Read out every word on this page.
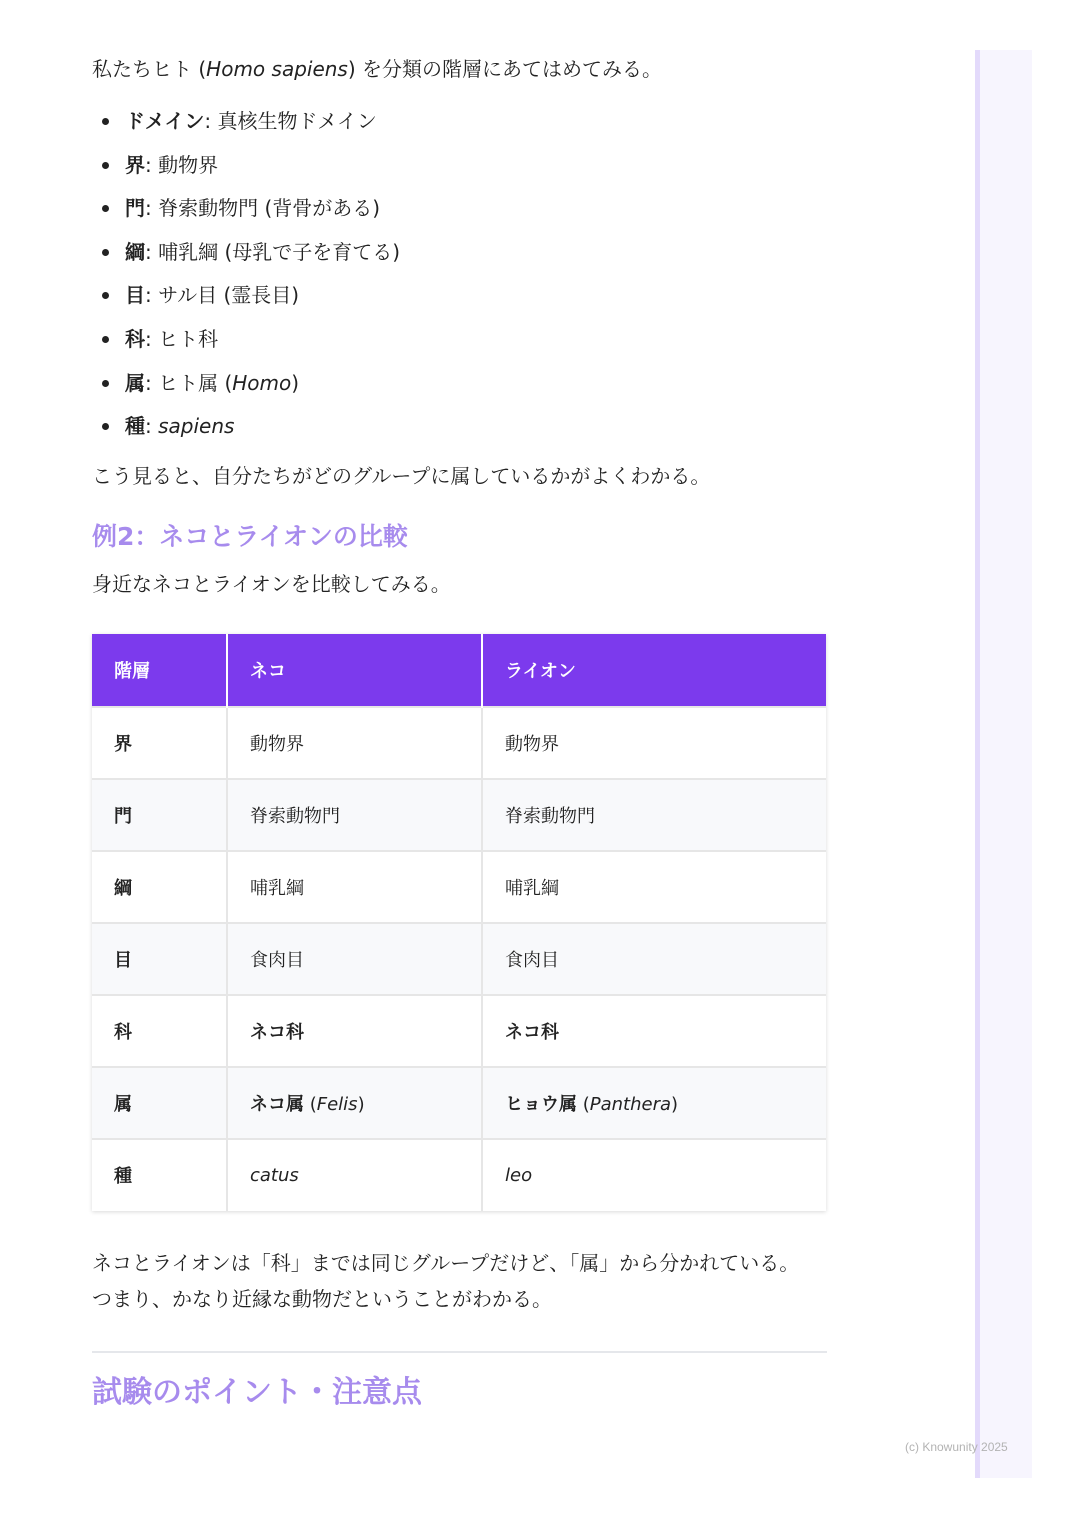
(c) Knowunity 2025

私たちヒト (Homo sapiens) を分類の階層にあてはめてみる。

ドメイン: 真核生物ドメイン
界: 動物界
門: 脊索動物門 (背骨がある)
綱: 哺乳綱 (母乳で子を育てる)
目: サル目 (霊長目)
科: ヒト科
属: ヒト属 (Homo)
種: sapiens

こう見ると、自分たちがどのグループに属しているかがよくわかる。

例2：ネコとライオンの比較

身近なネコとライオンを比較してみる。

階層	ネコ	ライオン
界	動物界	動物界
門	脊索動物門	脊索動物門
綱	哺乳綱	哺乳綱
目	食肉目	食肉目
科	ネコ科	ネコ科
属	ネコ属 (Felis)	ヒョウ属 (Panthera)
種	catus	leo

ネコとライオンは「科」までは同じグループだけど、「属」から分かれている。
つまり、かなり近縁な動物だということがわかる。

試験のポイント・注意点
